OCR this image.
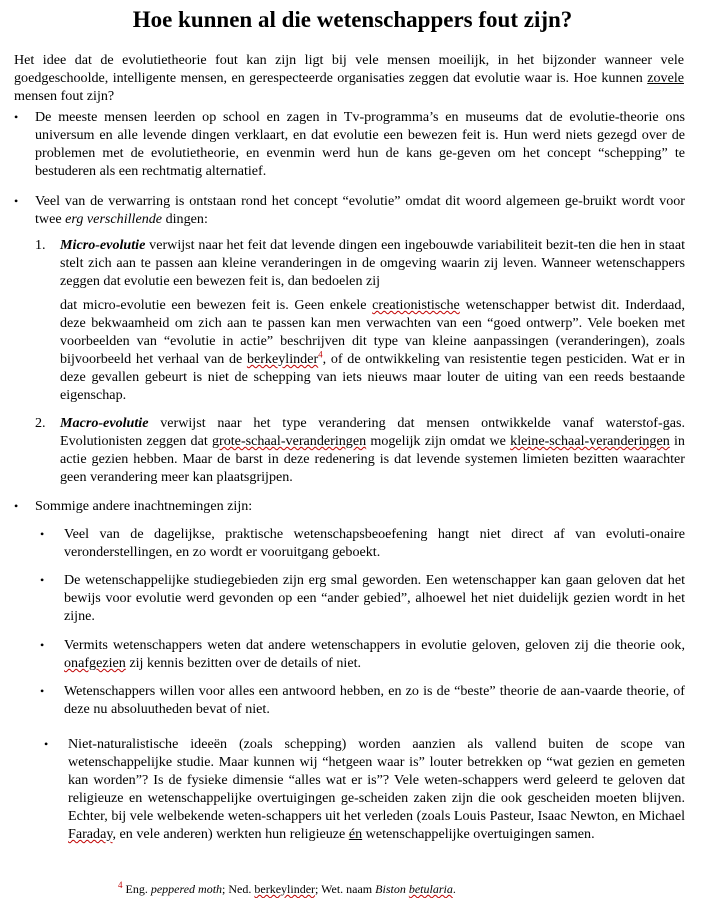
Hoe kunnen al die wetenschappers fout zijn?

Het idee dat de evolutietheorie fout kan zijn ligt bij vele mensen moeilijk, in het bijzonder wanneer vele goedgeschoolde, intelligente mensen, en gerespecteerde organisaties zeggen dat evolutie waar is. Hoe kunnen zovele mensen fout zijn?

• De meeste mensen leerden op school en zagen in Tv-programma’s en museums dat de evolutie-theorie ons universum en alle levende dingen verklaart, en dat evolutie een bewezen feit is. Hun werd niets gezegd over de problemen met de evolutietheorie, en evenmin werd hun de kans ge-geven om het concept “schepping” te bestuderen als een rechtmatig alternatief.

• Veel van de verwarring is ontstaan rond het concept “evolutie” omdat dit woord algemeen ge-bruikt wordt voor twee erg verschillende dingen:

1. Micro-evolutie verwijst naar het feit dat levende dingen een ingebouwde variabiliteit bezit-ten die hen in staat stelt zich aan te passen aan kleine veranderingen in de omgeving waarin zij leven. Wanneer wetenschappers zeggen dat evolutie een bewezen feit is, dan bedoelen zij

dat micro-evolutie een bewezen feit is. Geen enkele creationistische wetenschapper betwist dit. Inderdaad, deze bekwaamheid om zich aan te passen kan men verwachten van een “goed ontwerp”. Vele boeken met voorbeelden van “evolutie in actie” beschrijven dit type van kleine aanpassingen (veranderingen), zoals bijvoorbeeld het verhaal van de berkeylinder$^4$, of de ontwikkeling van resistentie tegen pesticiden. Wat er in deze gevallen gebeurt is niet de schepping van iets nieuws maar louter de uiting van een reeds bestaande eigenschap.

2. Macro-evolutie verwijst naar het type verandering dat mensen ontwikkelde vanaf waterstof-gas. Evolutionisten zeggen dat grote-schaal-veranderingen mogelijk zijn omdat we kleine-schaal-veranderingen in actie gezien hebben. Maar de barst in deze redenering is dat levende systemen limieten bezitten waarachter geen verandering meer kan plaatsgrijpen.

• Sommige andere inachtnemingen zijn:

• Veel van de dagelijkse, praktische wetenschapsbeoefening hangt niet direct af van evoluti-onaire veronderstellingen, en zo wordt er vooruitgang geboekt.

• De wetenschappelijke studiegebieden zijn erg smal geworden. Een wetenschapper kan gaan geloven dat het bewijs voor evolutie werd gevonden op een “ander gebied”, alhoewel het niet duidelijk gezien wordt in het zijne.

• Vermits wetenschappers weten dat andere wetenschappers in evolutie geloven, geloven zij die theorie ook, onafgezien zij kennis bezitten over de details of niet.

• Wetenschappers willen voor alles een antwoord hebben, en zo is de “beste” theorie de aan-vaarde theorie, of deze nu absoluutheden bevat of niet.

• Niet-naturalistische ideeën (zoals schepping) worden aanzien als vallend buiten de scope van wetenschappelijke studie. Maar kunnen wij “hetgeen waar is” louter betrekken op “wat gezien en gemeten kan worden”? Is de fysieke dimensie “alles wat er is”? Vele weten-schappers werd geleerd te geloven dat religieuze en wetenschappelijke overtuigingen ge-scheiden zaken zijn die ook gescheiden moeten blijven. Echter, bij vele welbekende weten-schappers uit het verleden (zoals Louis Pasteur, Isaac Newton, en Michael Faraday, en vele anderen) werkten hun religieuze én wetenschappelijke overtuigingen samen.

$^4$ Eng. peppered moth; Ned. berkeylinder; Wet. naam Biston betularia.
